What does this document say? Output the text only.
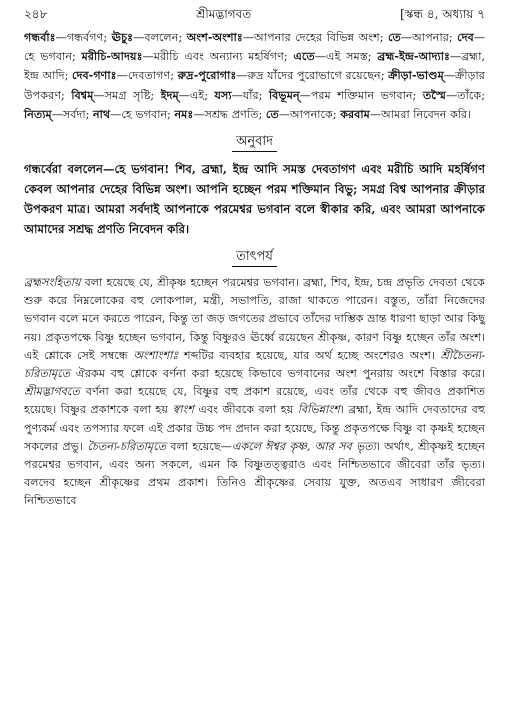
২৪৮	শ্রীমদ্ভাগবত	[স্কন্ধ ৪, অধ্যায় ৭

গন্ধর্বাঃ—গন্ধর্বগণ; ঊচুঃ—বললেন; অংশ-অংশাঃ—আপনার দেহের বিভিন্ন অংশ; তে—আপনার; দেব—হে ভগবান; মরীচি-আদয়ঃ—মরীচি এবং অন্যান্য মহর্ষিগণ; এতে—এই সমস্ত; ব্রহ্ম-ইন্দ্র-আদ্যাঃ—ব্রহ্মা, ইন্দ্র আদি; দেব-গণাঃ—দেবতাগণ; রুদ্র-পুরোগাঃ—রুদ্র যাঁদের পুরোভাগে রয়েছেন; ক্রীড়া-ভাণ্ডম্—ক্রীড়ার উপকরণ; বিশ্বম্—সমগ্র সৃষ্টি; ইদম্—এই; যস্য—যাঁর; বিভূমন্—পরম শক্তিমান ভগবান; তস্মৈ—তাঁকে; নিত্যম্—সর্বদা; নাথ—হে ভগবান; নমঃ—সশ্রদ্ধ প্রণতি; তে—আপনাকে; করবাম—আমরা নিবেদন করি।

অনুবাদ

গন্ধর্বেরা বললেন—হে ভগবান! শিব, ব্রহ্মা, ইন্দ্র আদি সমস্ত দেবতাগণ এবং মরীচি আদি মহর্ষিগণ কেবল আপনার দেহের বিভিন্ন অংশ। আপনি হচ্ছেন পরম শক্তিমান বিভু; সমগ্র বিশ্ব আপনার ক্রীড়ার উপকরণ মাত্র। আমরা সর্বদাই আপনাকে পরমেশ্বর ভগবান বলে স্বীকার করি, এবং আমরা আপনাকে আমাদের সশ্রদ্ধ প্রণতি নিবেদন করি।

তাৎপর্য

ব্রহ্মসংহিতায় বলা হয়েছে যে, শ্রীকৃষ্ণ হচ্ছেন পরমেশ্বর ভগবান। ব্রহ্মা, শিব, ইন্দ্র, চন্দ্র প্রভৃতি দেবতা থেকে শুরু করে নিম্নলোকের বহু লোকপাল, মন্ত্রী, সভাপতি, রাজা থাকতে পারেন। বস্তুত, তাঁরা নিজেদের ভগবান বলে মনে করতে পারেন, কিন্তু তা জড় জগতের প্রভাবে তাঁদের দাম্ভিক ভ্রান্ত ধারণা ছাড়া আর কিছু নয়। প্রকৃতপক্ষে বিষ্ণু হচ্ছেন ভগবান, কিন্তু বিষ্ণুরও ঊর্ধ্বে রয়েছেন শ্রীকৃষ্ণ, কারণ বিষ্ণু হচ্ছেন তাঁর অংশ। এই শ্লোকে সেই সম্বন্ধে অংশাংশাঃ শব্দটির ব্যবহার হয়েছে, যার অর্থ হচ্ছে অংশেরও অংশ। শ্রীচৈতন্য-চরিতামৃতে ঐরকম বহু শ্লোকে বর্ণনা করা হয়েছে কিভাবে ভগবানের অংশ পুনরায় অংশে বিস্তার করে। শ্রীমদ্ভাগবতে বর্ণনা করা হয়েছে যে, বিষ্ণুর বহু প্রকাশ রয়েছে, এবং তাঁর থেকে বহু জীবও প্রকাশিত হয়েছে। বিষ্ণুর প্রকাশকে বলা হয় স্বাংশ এবং জীবকে বলা হয় বিভিন্নাংশ। ব্রহ্মা, ইন্দ্র আদি দেবতাদের বহু পুণ্যকর্ম এবং তপস্যার ফলে এই প্রকার উচ্চ পদ প্রদান করা হয়েছে, কিন্তু প্রকৃতপক্ষে বিষ্ণু বা কৃষ্ণই হচ্ছেন সকলের প্রভু। চৈতন্য-চরিতামৃতে বলা হয়েছে—একলে ঈশ্বর কৃষ্ণ, আর সব ভৃত্য। অর্থাৎ, শ্রীকৃষ্ণই হচ্ছেন পরমেশ্বর ভগবান, এবং অন্য সকলে, এমন কি বিষ্ণুতত্ত্বরাও এবং নিশ্চিতভাবে জীবেরা তাঁর ভৃত্য। বলদেব হচ্ছেন শ্রীকৃষ্ণের প্রথম প্রকাশ। তিনিও শ্রীকৃষ্ণের সেবায় যুক্ত, অতএব সাধারণ জীবেরা নিশ্চিতভাবে
